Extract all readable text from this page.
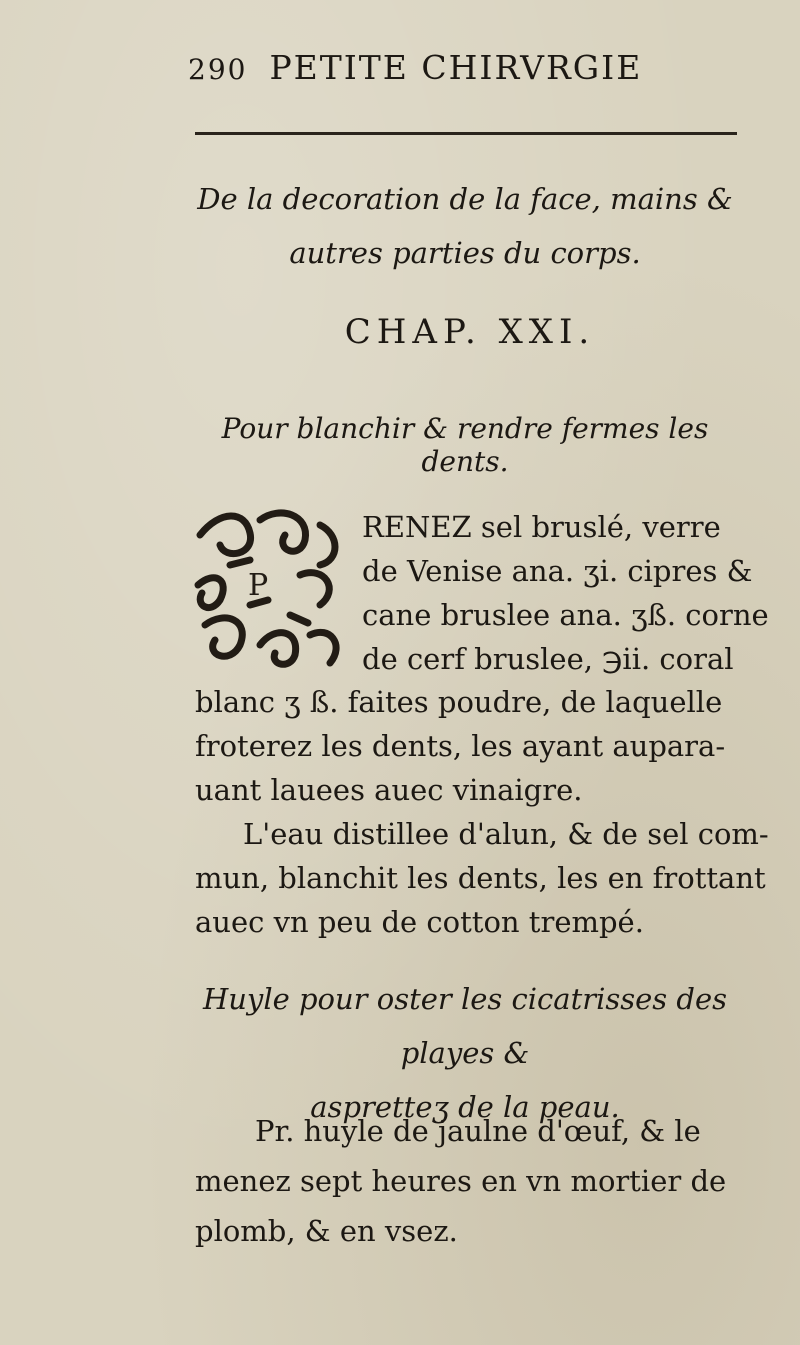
290 PETITE CHIRVRGIE
De la decoration de la face, mains &
autres parties du corps.
CHAP. XXI.
Pour blanchir & rendre fermes les dents.
P
RENEZ sel bruslé, verre
de Venise ana. ʒi. cipres &
cane bruslee ana. ʒß. corne
de cerf bruslee, ℈ii. coral
blanc ʒ ß. faites poudre, de laquelle
froterez les dents, les ayant aupara-
uant lauees auec vinaigre.
L'eau distillee d'alun, & de sel com-
mun, blanchit les dents, les en frottant
auec vn peu de cotton trempé.
Huyle pour oster les cicatrisses des playes &
aspretteʒ de la peau.
Pr. huyle de jaulne d'œuf, & le
menez sept heures en vn mortier de
plomb, & en vsez.
